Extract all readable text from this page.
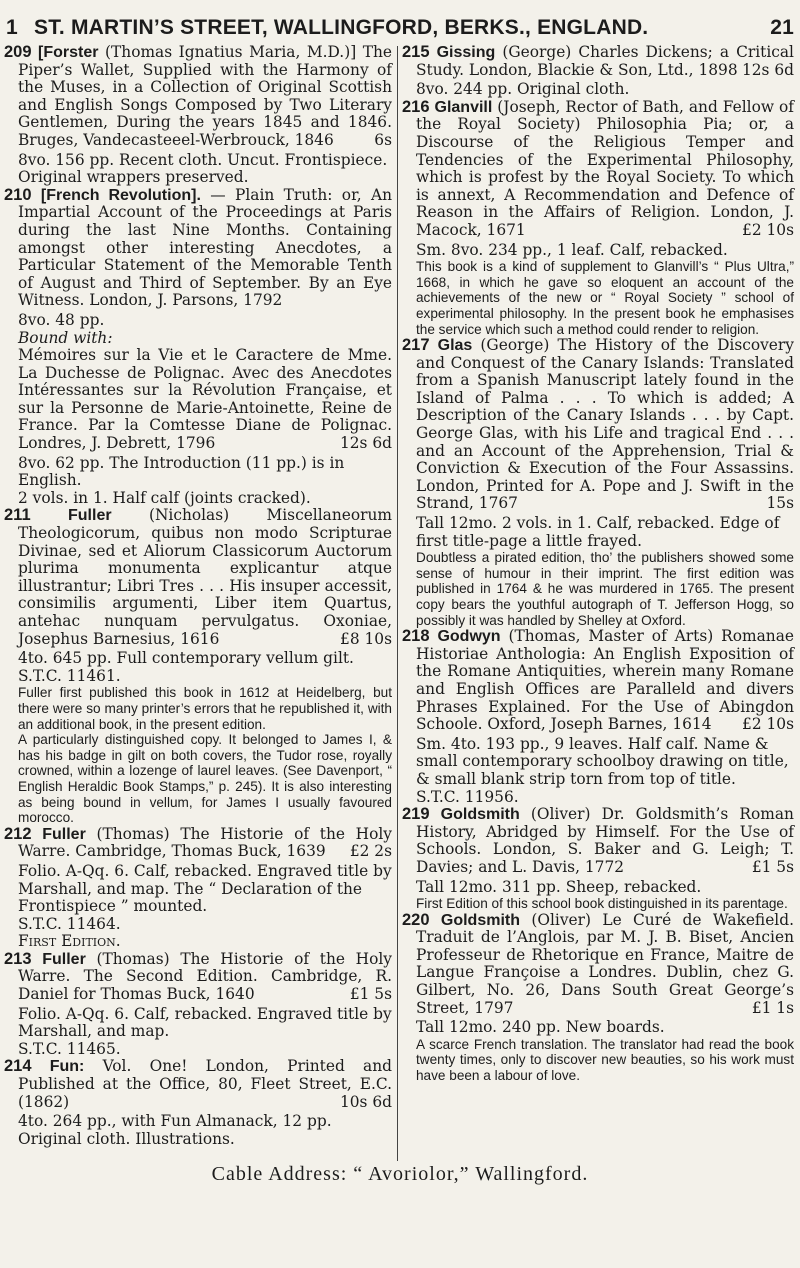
1 ST. MARTIN’S STREET, WALLINGFORD, BERKS., ENGLAND.	21

209 [Forster (Thomas Ignatius Maria, M.D.)] The Piper’s Wallet, Supplied with the Harmony of the Muses, in a Collection of Original Scottish and English Songs Composed by Two Literary Gentlemen, During the years 1845 and 1846. Bruges, Vandecasteeel-Werbrouck, 1846	6s

8vo. 156 pp. Recent cloth. Uncut. Frontispiece. Original wrappers preserved.

210 [French Revolution]. — Plain Truth: or, An Impartial Account of the Proceedings at Paris during the last Nine Months. Containing amongst other interesting Anecdotes, a Particular Statement of the Memorable Tenth of August and Third of September. By an Eye Witness. London, J. Parsons, 1792

8vo. 48 pp.

Bound with:

Mémoires sur la Vie et le Caractere de Mme. La Duchesse de Polignac. Avec des Anecdotes Intéressantes sur la Révolution Française, et sur la Personne de Marie-Antoinette, Reine de France. Par la Comtesse Diane de Polignac. Londres, J. Debrett, 1796	12s 6d

8vo. 62 pp. The Introduction (11 pp.) is in English.

2 vols. in 1. Half calf (joints cracked).

211 Fuller (Nicholas) Miscellaneorum Theologicorum, quibus non modo Scripturae Divinae, sed et Aliorum Classicorum Auctorum plurima monumenta explicantur atque illustrantur; Libri Tres . . . His insuper accessit, consimilis argumenti, Liber item Quartus, antehac nunquam pervulgatus. Oxoniae, Josephus Barnesius, 1616	£8 10s

4to. 645 pp. Full contemporary vellum gilt.

S.T.C. 11461.

Fuller first published this book in 1612 at Heidelberg, but there were so many printer’s errors that he republished it, with an additional book, in the present edition.

A particularly distinguished copy. It belonged to James I, & has his badge in gilt on both covers, the Tudor rose, royally crowned, within a lozenge of laurel leaves. (See Davenport, “ English Heraldic Book Stamps,” p. 245). It is also interesting as being bound in vellum, for James I usually favoured morocco.

212 Fuller (Thomas) The Historie of the Holy Warre. Cambridge, Thomas Buck, 1639 £2 2s

Folio. A-Qq. 6. Calf, rebacked. Engraved title by Marshall, and map. The “ Declaration of the Frontispiece ” mounted.

S.T.C. 11464.

First Edition.

213 Fuller (Thomas) The Historie of the Holy Warre. The Second Edition. Cambridge, R. Daniel for Thomas Buck, 1640	£1 5s

Folio. A-Qq. 6. Calf, rebacked. Engraved title by Marshall, and map.

S.T.C. 11465.

214 Fun: Vol. One! London, Printed and Published at the Office, 80, Fleet Street, E.C. (1862)	10s 6d

4to. 264 pp., with Fun Almanack, 12 pp. Original cloth. Illustrations.

215 Gissing (George) Charles Dickens; a Critical Study. London, Blackie & Son, Ltd., 1898 12s 6d

8vo. 244 pp. Original cloth.

216 Glanvill (Joseph, Rector of Bath, and Fellow of the Royal Society) Philosophia Pia; or, a Discourse of the Religious Temper and Tendencies of the Experimental Philosophy, which is profest by the Royal Society. To which is annext, A Recommendation and Defence of Reason in the Affairs of Religion. London, J. Macock, 1671	£2 10s

Sm. 8vo. 234 pp., 1 leaf. Calf, rebacked.

This book is a kind of supplement to Glanvill’s “ Plus Ultra,” 1668, in which he gave so eloquent an account of the achievements of the new or “ Royal Society ” school of experimental philosophy. In the present book he emphasises the service which such a method could render to religion.

217 Glas (George) The History of the Discovery and Conquest of the Canary Islands: Translated from a Spanish Manuscript lately found in the Island of Palma . . . To which is added; A Description of the Canary Islands . . . by Capt. George Glas, with his Life and tragical End . . . and an Account of the Apprehension, Trial & Conviction & Execution of the Four Assassins. London, Printed for A. Pope and J. Swift in the Strand, 1767	15s

Tall 12mo. 2 vols. in 1. Calf, rebacked. Edge of first title-page a little frayed.

Doubtless a pirated edition, tho’ the publishers showed some sense of humour in their imprint. The first edition was published in 1764 & he was murdered in 1765. The present copy bears the youthful autograph of T. Jefferson Hogg, so possibly it was handled by Shelley at Oxford.

218 Godwyn (Thomas, Master of Arts) Romanae Historiae Anthologia: An English Exposition of the Romane Antiquities, wherein many Romane and English Offices are Paralleld and divers Phrases Explained. For the Use of Abingdon Schoole. Oxford, Joseph Barnes, 1614 £2 10s

Sm. 4to. 193 pp., 9 leaves. Half calf. Name & small contemporary schoolboy drawing on title, & small blank strip torn from top of title.

S.T.C. 11956.

219 Goldsmith (Oliver) Dr. Goldsmith’s Roman History, Abridged by Himself. For the Use of Schools. London, S. Baker and G. Leigh; T. Davies; and L. Davis, 1772	£1 5s

Tall 12mo. 311 pp. Sheep, rebacked.

First Edition of this school book distinguished in its parentage.

220 Goldsmith (Oliver) Le Curé de Wakefield. Traduit de l’Anglois, par M. J. B. Biset, Ancien Professeur de Rhetorique en France, Maitre de Langue Françoise a Londres. Dublin, chez G. Gilbert, No. 26, Dans South Great George’s Street, 1797	£1 1s

Tall 12mo. 240 pp. New boards.

A scarce French translation. The translator had read the book twenty times, only to discover new beauties, so his work must have been a labour of love.

Cable Address: “ Avoriolor,” Wallingford.
